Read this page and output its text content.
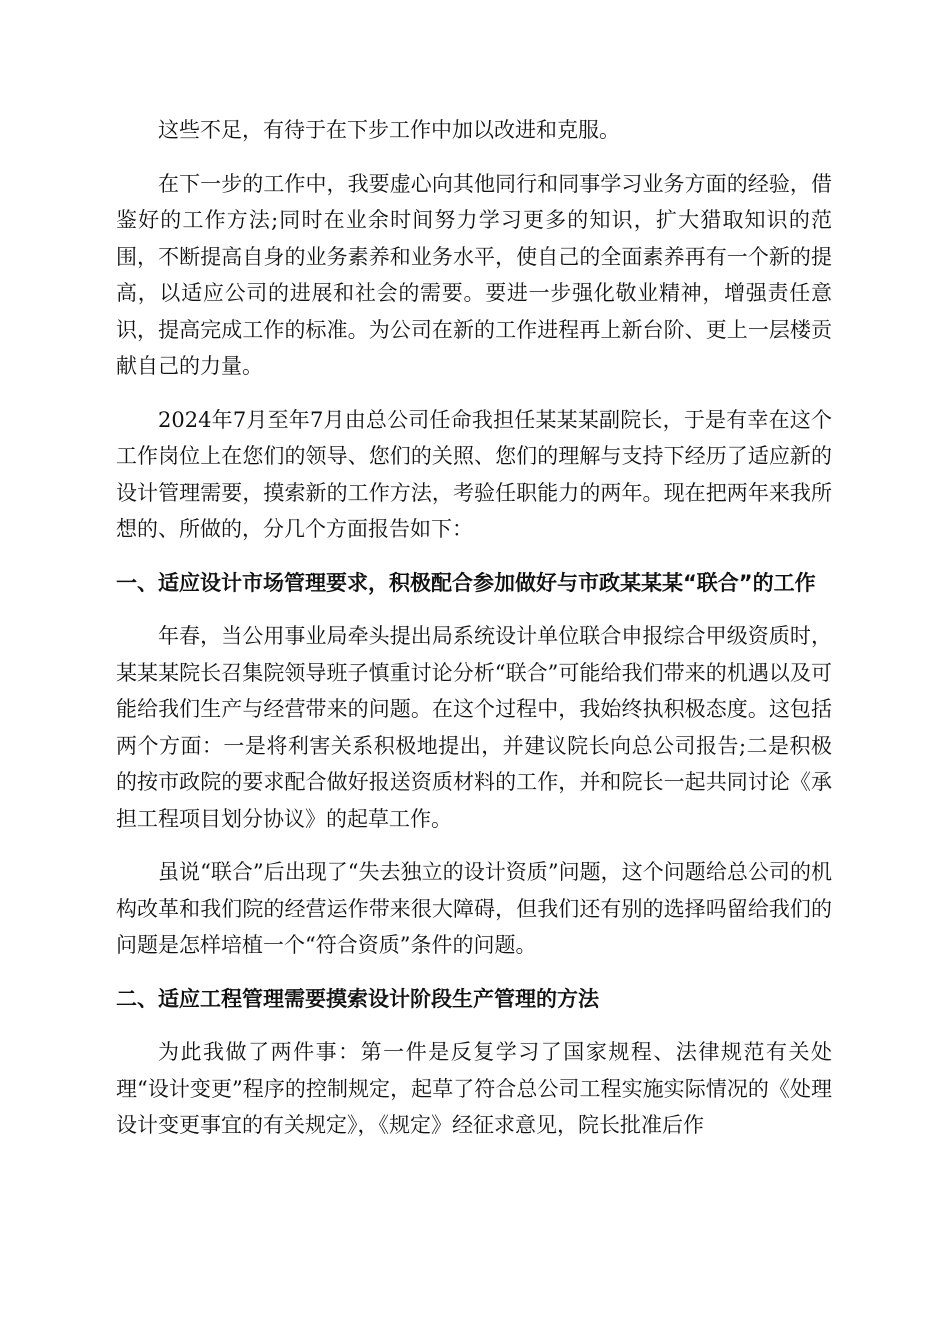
这些不足，有待于在下步工作中加以改进和克服。

在下一步的工作中，我要虚心向其他同行和同事学习业务方面的经验，借鉴好的工作方法;同时在业余时间努力学习更多的知识，扩大猎取知识的范围，不断提高自身的业务素养和业务水平，使自己的全面素养再有一个新的提高，以适应公司的进展和社会的需要。要进一步强化敬业精神，增强责任意识，提高完成工作的标准。为公司在新的工作进程再上新台阶、更上一层楼贡献自己的力量。

2024年7月至年7月由总公司任命我担任某某某副院长，于是有幸在这个工作岗位上在您们的领导、您们的关照、您们的理解与支持下经历了适应新的设计管理需要，摸索新的工作方法，考验任职能力的两年。现在把两年来我所想的、所做的，分几个方面报告如下：

一、适应设计市场管理要求，积极配合参加做好与市政某某某“联合”的工作

年春，当公用事业局牵头提出局系统设计单位联合申报综合甲级资质时，某某某院长召集院领导班子慎重讨论分析“联合”可能给我们带来的机遇以及可能给我们生产与经营带来的问题。在这个过程中，我始终执积极态度。这包括两个方面：一是将利害关系积极地提出，并建议院长向总公司报告;二是积极的按市政院的要求配合做好报送资质材料的工作，并和院长一起共同讨论《承担工程项目划分协议》的起草工作。

虽说“联合”后出现了“失去独立的设计资质”问题，这个问题给总公司的机构改革和我们院的经营运作带来很大障碍，但我们还有别的选择吗留给我们的问题是怎样培植一个“符合资质”条件的问题。

二、适应工程管理需要摸索设计阶段生产管理的方法

为此我做了两件事：第一件是反复学习了国家规程、法律规范有关处理“设计变更”程序的控制规定，起草了符合总公司工程实施实际情况的《处理设计变更事宜的有关规定》，《规定》经征求意见，院长批准后作
